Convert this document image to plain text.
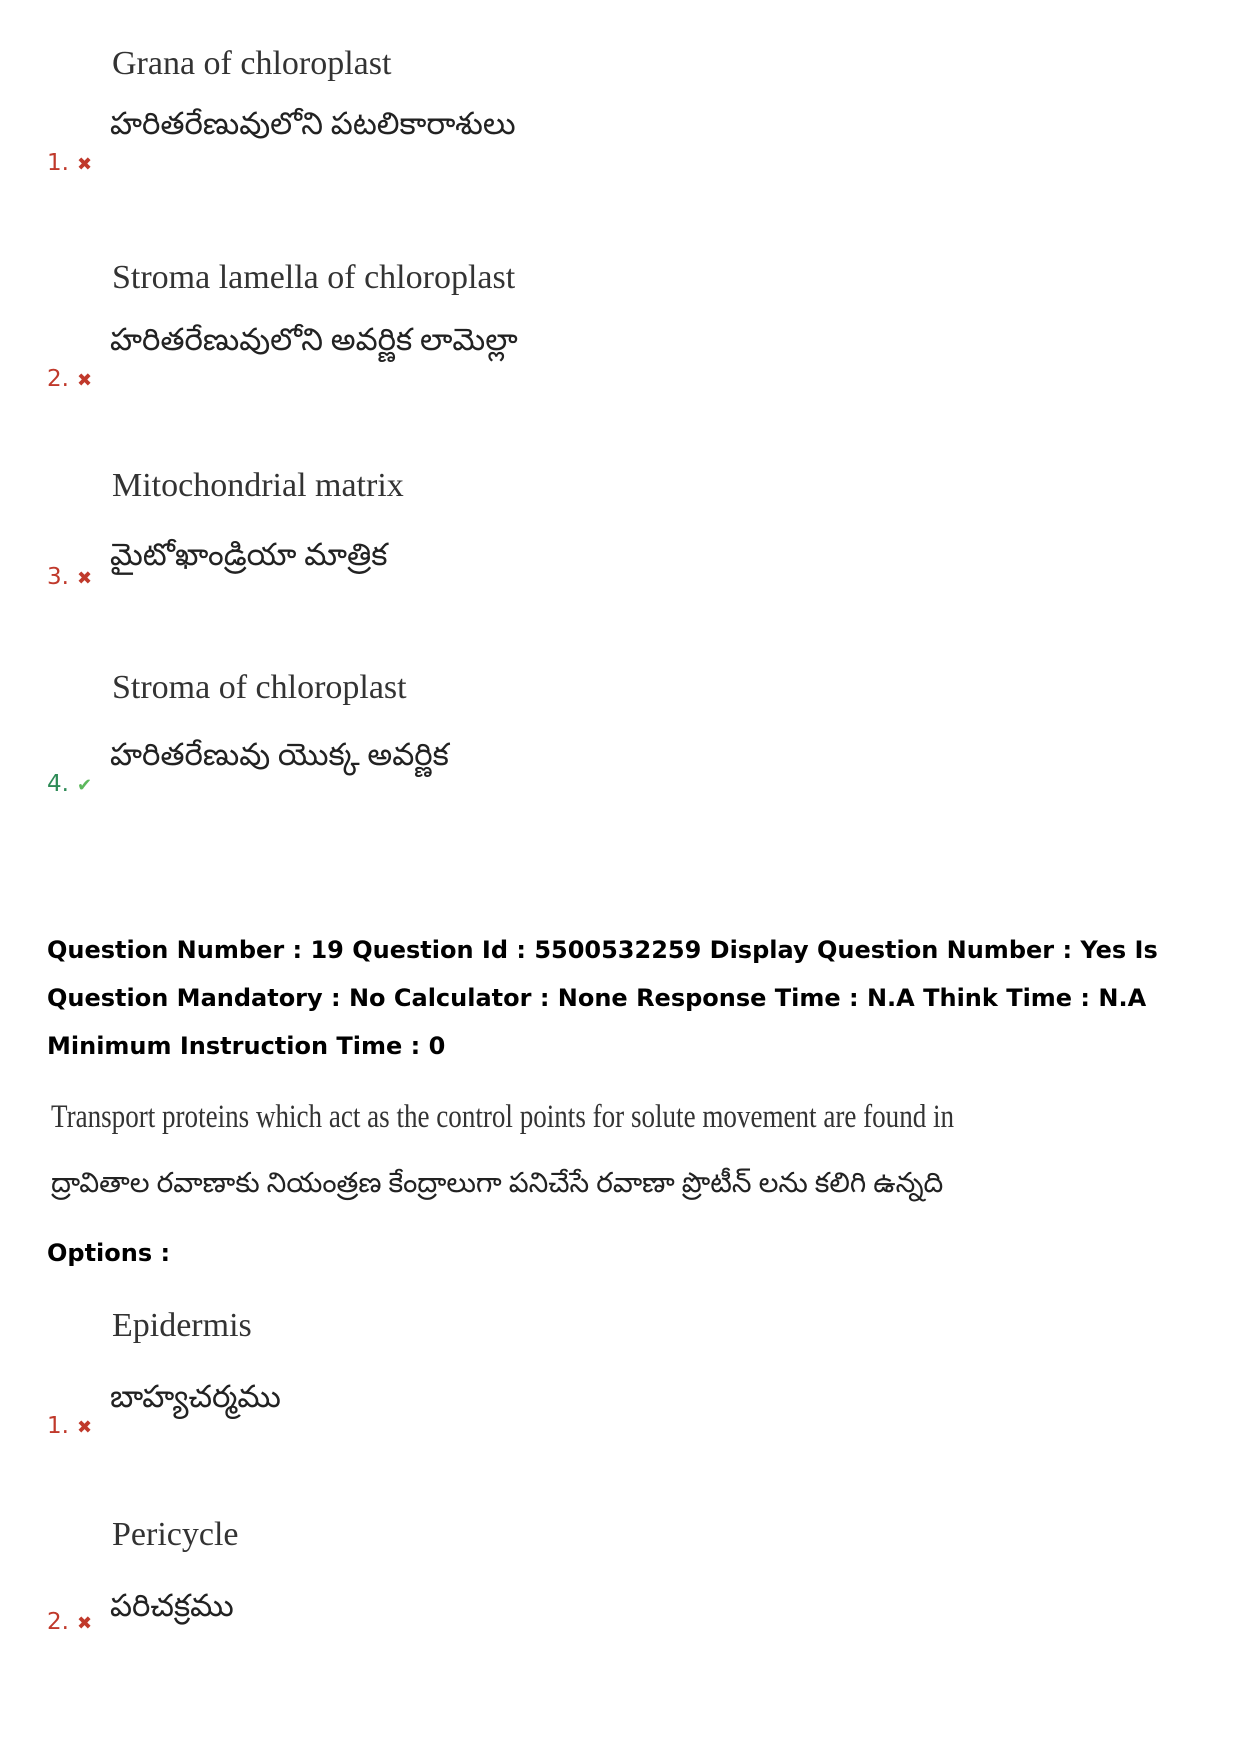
Grana of chloroplast
హరితరేణువులోని పటలికారాశులు
1. ✖
Stroma lamella of chloroplast
హరితరేణువులోని అవర్ణిక లామెల్లా
2. ✖
Mitochondrial matrix
మైటోఖాండ్రియా మాత్రిక
3. ✖
Stroma of chloroplast
హరితరేణువు యొక్క అవర్ణిక
4. ✔

Question Number : 19 Question Id : 5500532259 Display Question Number : Yes Is Question Mandatory : No Calculator : None Response Time : N.A Think Time : N.A Minimum Instruction Time : 0

Transport proteins which act as the control points for solute movement are found in
ద్రావితాల రవాణాకు నియంత్రణ కేంద్రాలుగా పనిచేసే రవాణా ప్రొటీన్ లను కలిగి ఉన్నది
Options :
Epidermis
బాహ్యచర్మము
1. ✖
Pericycle
పరిచక్రము
2. ✖
